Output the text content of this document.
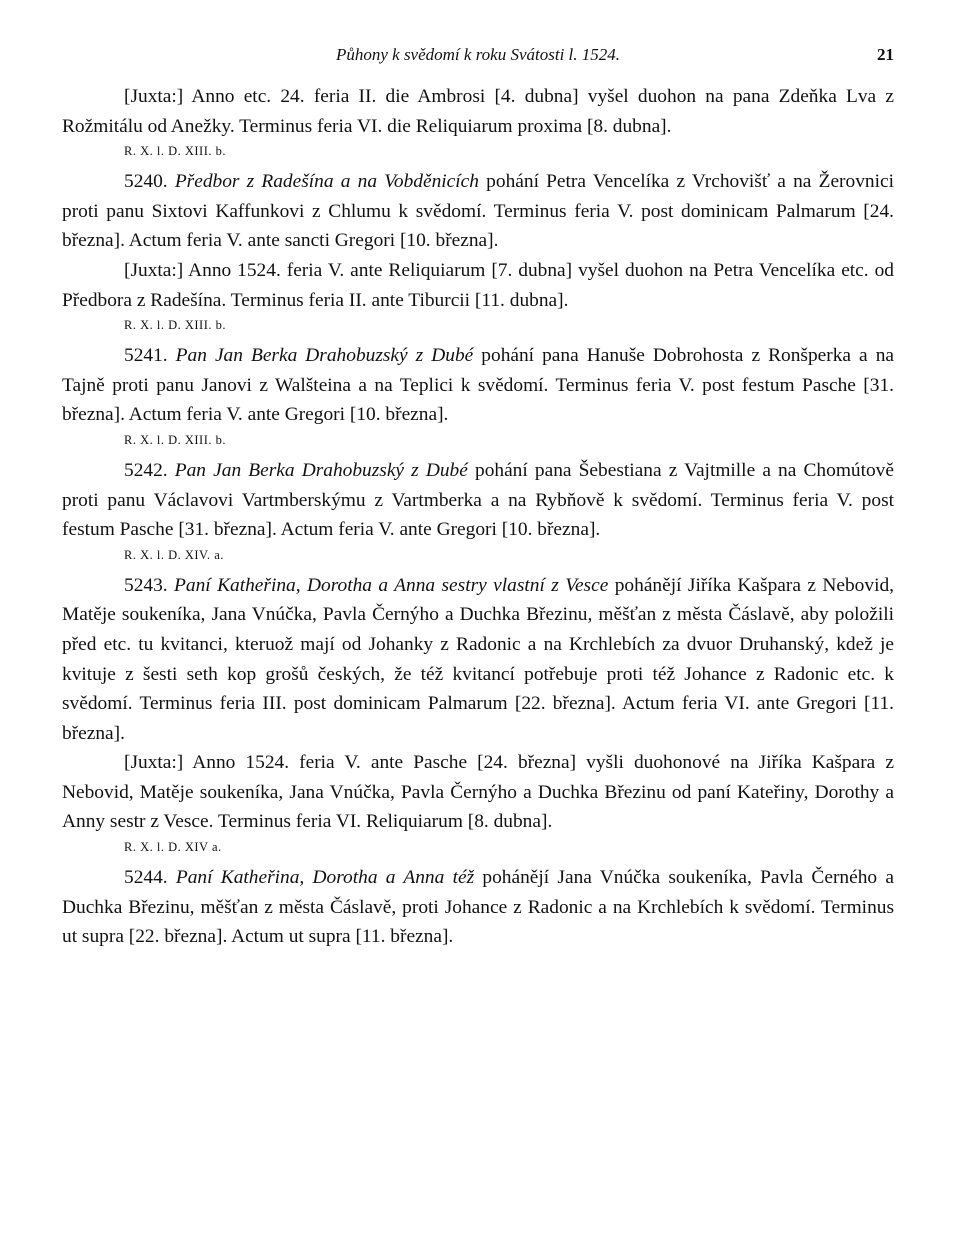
Půhony k svědomí k roku Svátosti l. 1524.	21

[Juxta:] Anno etc. 24. feria II. die Ambrosi [4. dubna] vyšel duohon na pana Zdeňka Lva z Rožmitálu od Anežky. Terminus feria VI. die Reliquiarum proxima [8. dubna].

R. X. l. D. XIII. b.

5240. Předbor z Radešína a na Vobděnicích pohání Petra Vencelíka z Vrchovišť a na Žerovnici proti panu Sixtovi Kaffunkovi z Chlumu k svědomí. Terminus feria V. post dominicam Palmarum [24. března]. Actum feria V. ante sancti Gregori [10. března].

[Juxta:] Anno 1524. feria V. ante Reliquiarum [7. dubna] vyšel duohon na Petra Vencelíka etc. od Předbora z Radešína. Terminus feria II. ante Tiburcii [11. dubna].

R. X. l. D. XIII. b.

5241. Pan Jan Berka Drahobuzský z Dubé pohání pana Hanuše Dobrohosta z Ronšperka a na Tajně proti panu Janovi z Walšteina a na Teplici k svědomí. Terminus feria V. post festum Pasche [31. března]. Actum feria V. ante Gregori [10. března].

R. X. l. D. XIII. b.

5242. Pan Jan Berka Drahobuzský z Dubé pohání pana Šebestiana z Vajtmille a na Chomútově proti panu Václavovi Vartmberskýmu z Vartmberka a na Rybňově k svědomí. Terminus feria V. post festum Pasche [31. března]. Actum feria V. ante Gregori [10. března].

R. X. l. D. XIV. a.

5243. Paní Katheřina, Dorotha a Anna sestry vlastní z Vesce pohánějí Jiříka Kašpara z Nebovid, Matěje soukeníka, Jana Vnúčka, Pavla Černýho a Duchka Březinu, měšťan z města Čáslavě, aby položili před etc. tu kvitanci, kteruož mají od Johanky z Radonic a na Krchlebích za dvuor Druhanský, kdež je kvituje z šesti seth kop grošů českých, že též kvitancí potřebuje proti též Johance z Radonic etc. k svědomí. Terminus feria III. post dominicam Palmarum [22. března]. Actum feria VI. ante Gregori [11. března].

[Juxta:] Anno 1524. feria V. ante Pasche [24. března] vyšli duohonové na Jiříka Kašpara z Nebovid, Matěje soukeníka, Jana Vnúčka, Pavla Černýho a Duchka Březinu od paní Kateřiny, Dorothy a Anny sestr z Vesce. Terminus feria VI. Reliquiarum [8. dubna].

R. X. l. D. XIV a.

5244. Paní Katheřina, Dorotha a Anna též pohánějí Jana Vnúčka soukeníka, Pavla Černého a Duchka Březinu, měšťan z města Čáslavě, proti Johance z Radonic a na Krchlebích k svědomí. Terminus ut supra [22. března]. Actum ut supra [11. března].
